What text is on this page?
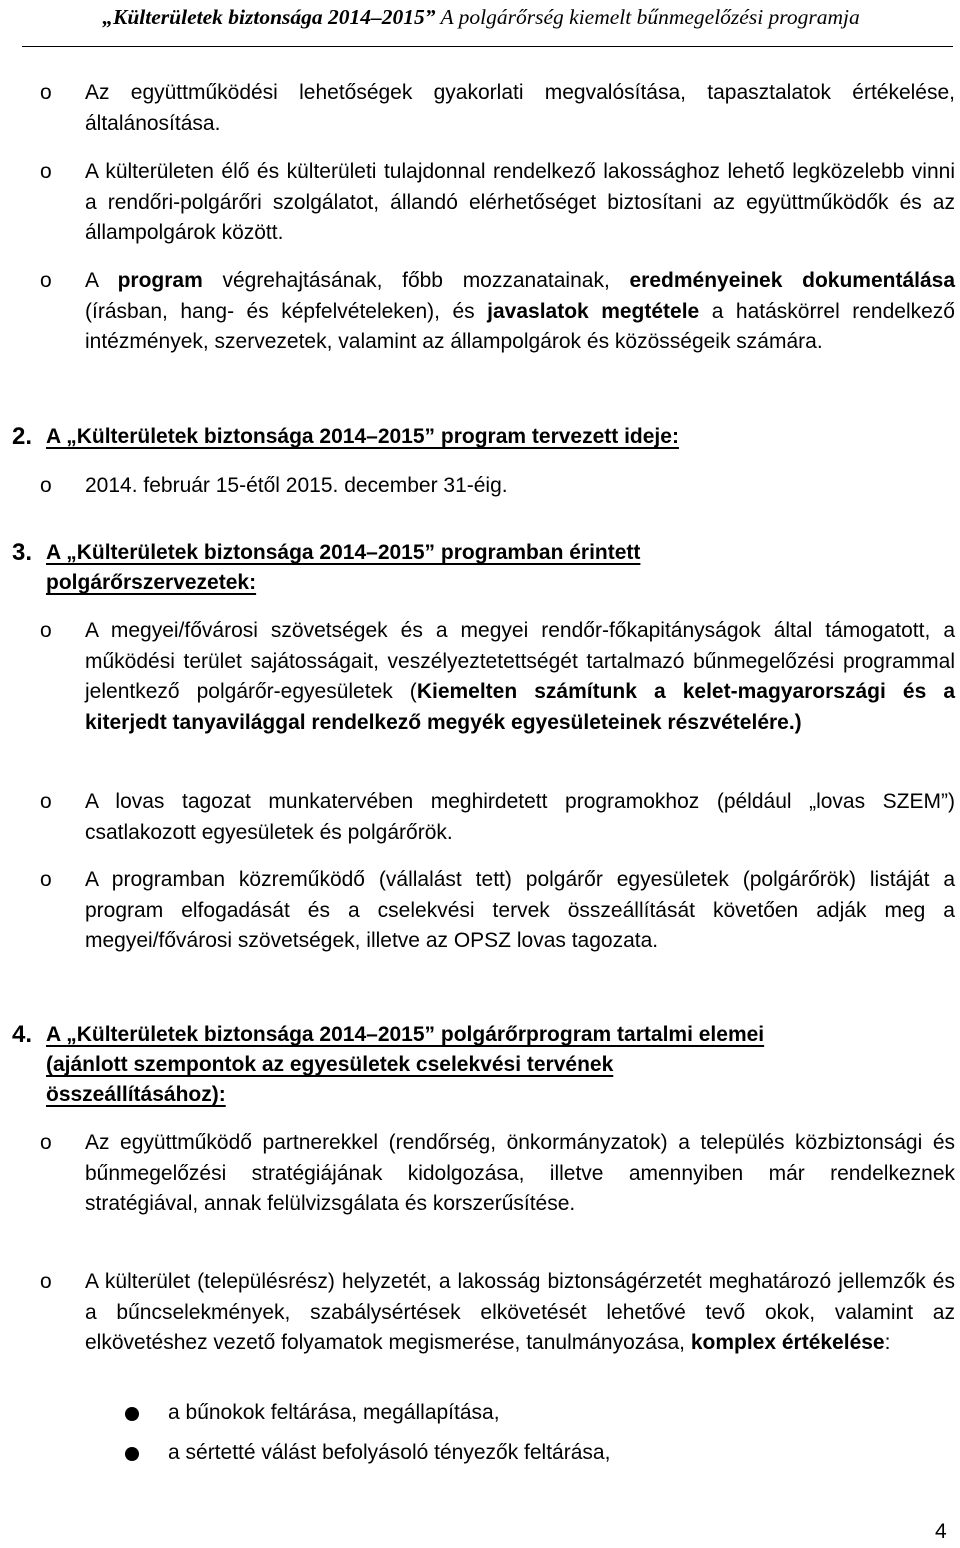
„Külterületek biztonsága 2014–2015” A polgárőrség kiemelt bűnmegelőzési programja
o	Az együttműködési lehetőségek gyakorlati megvalósítása, tapasztalatok értékelése, általánosítása.

o	A külterületen élő és külterületi tulajdonnal rendelkező lakossághoz lehető legközelebb vinni a rendőri-polgárőri szolgálatot, állandó elérhetőséget biztosítani az együttműködők és az állampolgárok között.

o	A program végrehajtásának, főbb mozzanatainak, eredményeinek dokumentálása (írásban, hang- és képfelvételeken), és javaslatok megtétele a hatáskörrel rendelkező intézmények, szervezetek, valamint az állampolgárok és közösségeik számára.

2. A „Külterületek biztonsága 2014–2015” program tervezett ideje:
o	2014. február 15-étől 2015. december 31-éig.

3. A „Külterületek biztonsága 2014–2015” programban érintett
polgárőrszervezetek:
o	A megyei/fővárosi szövetségek és a megyei rendőr-főkapitányságok által támogatott, a működési terület sajátosságait, veszélyeztetettségét tartalmazó bűnmegelőzési programmal jelentkező polgárőr-egyesületek (Kiemelten számítunk a kelet-magyarországi és a kiterjedt tanyavilággal rendelkező megyék egyesületeinek részvételére.)

o	A lovas tagozat munkatervében meghirdetett programokhoz (például „lovas SZEM”) csatlakozott egyesületek és polgárőrök.

o	A programban közreműködő (vállalást tett) polgárőr egyesületek (polgárőrök) listáját a program elfogadását és a cselekvési tervek összeállítását követően adják meg a megyei/fővárosi szövetségek, illetve az OPSZ lovas tagozata.

4. A „Külterületek biztonsága 2014–2015” polgárőrprogram tartalmi elemei
(ajánlott szempontok az egyesületek cselekvési tervének
összeállításához):
o	Az együttműködő partnerekkel (rendőrség, önkormányzatok) a település közbiztonsági és bűnmegelőzési stratégiájának kidolgozása, illetve amennyiben már rendelkeznek stratégiával, annak felülvizsgálata és korszerűsítése.

o	A külterület (településrész) helyzetét, a lakosság biztonságérzetét meghatározó jellemzők és a bűncselekmények, szabálysértések elkövetését lehetővé tevő okok, valamint az elkövetéshez vezető folyamatok megismerése, tanulmányozása, komplex értékelése:

a bűnokok feltárása, megállapítása,

a sértetté válást befolyásoló tényezők feltárása,

4
